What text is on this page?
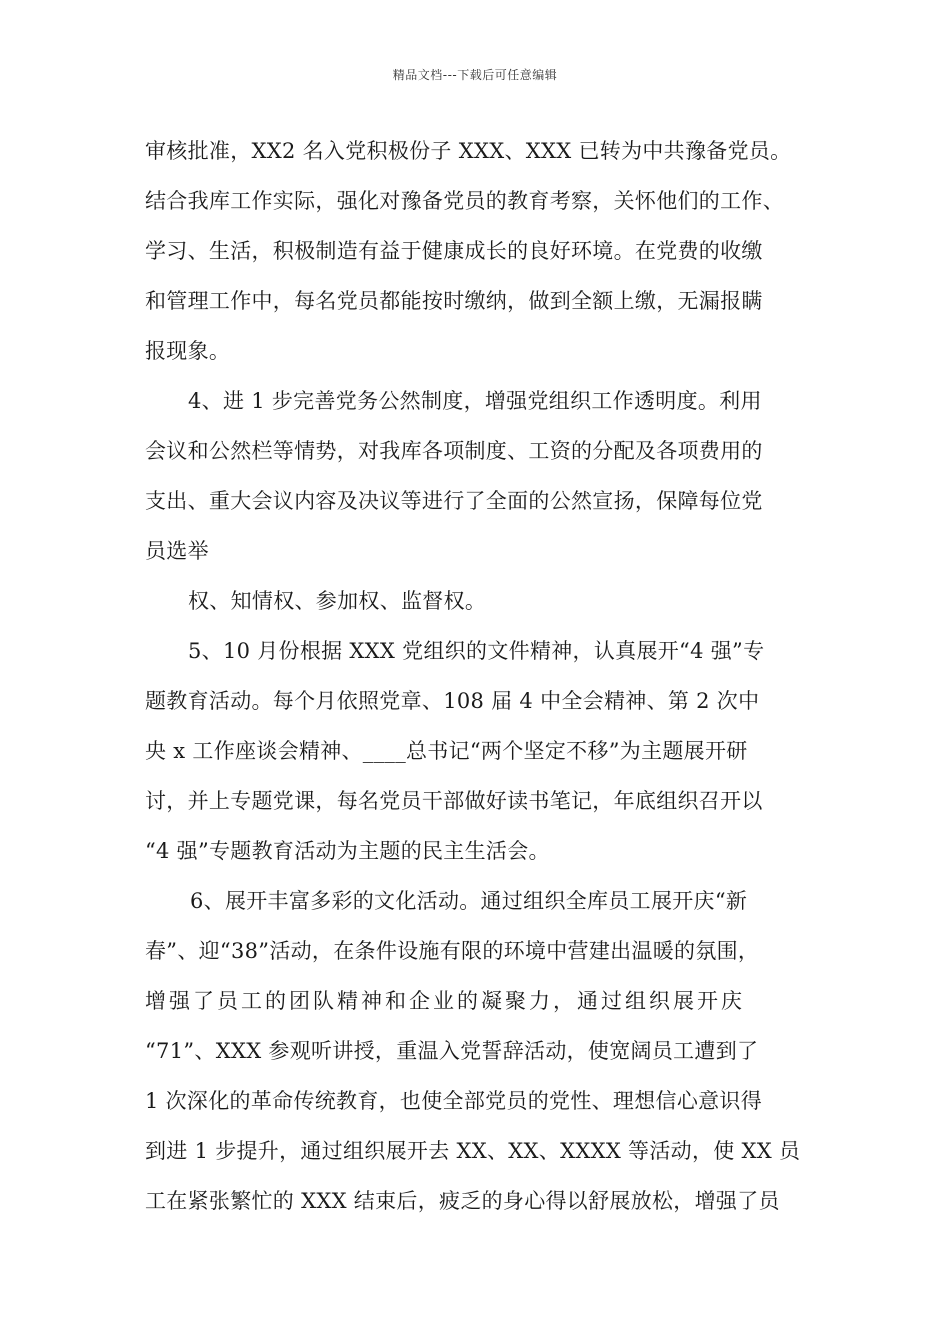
精品文档---下载后可任意编辑
审核批准，XX2 名入党积极份子 XXX、XXX 已转为中共豫备党员。
结合我库工作实际，强化对豫备党员的教育考察，关怀他们的工作、
学习、生活，积极制造有益于健康成长的良好环境。在党费的收缴
和管理工作中，每名党员都能按时缴纳，做到全额上缴，无漏报瞒
报现象。
4、进 1 步完善党务公然制度，增强党组织工作透明度。利用
会议和公然栏等情势，对我库各项制度、工资的分配及各项费用的
支出、重大会议内容及决议等进行了全面的公然宣扬，保障每位党
员选举
权、知情权、参加权、监督权。
5、10 月份根据 XXX 党组织的文件精神，认真展开“4 强”专
题教育活动。每个月依照党章、108 届 4 中全会精神、第 2 次中
央 x 工作座谈会精神、____总书记“两个坚定不移”为主题展开研
讨，并上专题党课，每名党员干部做好读书笔记，年底组织召开以
“4 强”专题教育活动为主题的民主生活会。
6、展开丰富多彩的文化活动。通过组织全库员工展开庆“新
春”、迎“38”活动，在条件设施有限的环境中营建出温暖的氛围，
增强了员工的团队精神和企业的凝聚力，通过组织展开庆
“71”、XXX 参观听讲授，重温入党誓辞活动，使宽阔员工遭到了
1 次深化的革命传统教育，也使全部党员的党性、理想信心意识得
到进 1 步提升，通过组织展开去 XX、XX、XXXX 等活动，使 XX 员
工在紧张繁忙的 XXX 结束后，疲乏的身心得以舒展放松，增强了员
